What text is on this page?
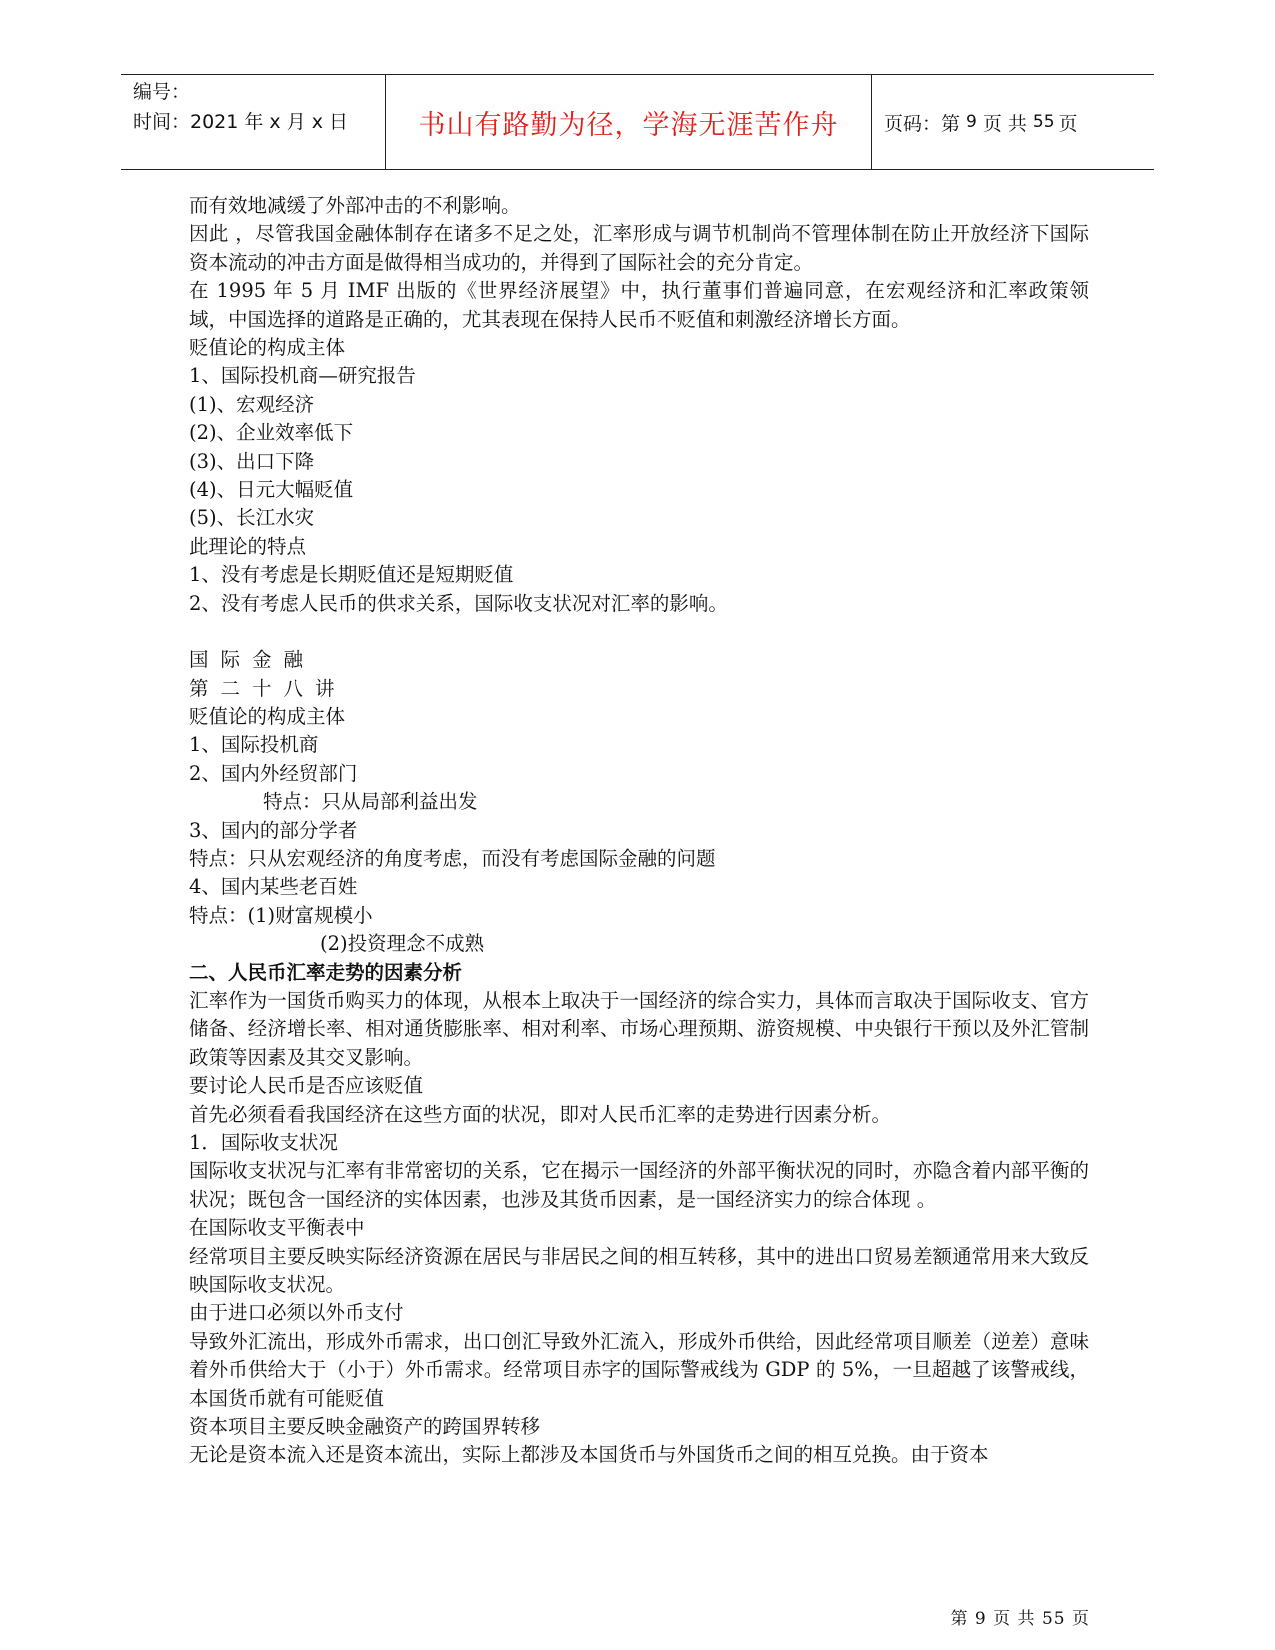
编号：
时间：2021 年 x 月 x 日	书山有路勤为径，学海无涯苦作舟 页码：第 9 页 共 55 页
而有效地减缓了外部冲击的不利影响。
因此 ，尽管我国金融体制存在诸多不足之处，汇率形成与调节机制尚不管理体制在防止开放经济下国际资本流动的冲击方面是做得相当成功的，并得到了国际社会的充分肯定。
在 1995 年 5 月 IMF 出版的《世界经济展望》中，执行董事们普遍同意，在宏观经济和汇率政策领域，中国选择的道路是正确的，尤其表现在保持人民币不贬值和刺激经济增长方面。
贬值论的构成主体
1、国际投机商—研究报告
(1)、宏观经济
(2)、企业效率低下
(3)、出口下降
(4)、日元大幅贬值
(5)、长江水灾
此理论的特点
1、没有考虑是长期贬值还是短期贬值
2、没有考虑人民币的供求关系，国际收支状况对汇率的影响。
国际金融
第二十八讲
贬值论的构成主体
1、国际投机商
2、国内外经贸部门
特点：只从局部利益出发
3、国内的部分学者
特点：只从宏观经济的角度考虑，而没有考虑国际金融的问题
4、国内某些老百姓
特点：(1)财富规模小
(2)投资理念不成熟
二、人民币汇率走势的因素分析
汇率作为一国货币购买力的体现，从根本上取决于一国经济的综合实力，具体而言取决于国际收支、官方储备、经济增长率、相对通货膨胀率、相对利率、市场心理预期、游资规模、中央银行干预以及外汇管制政策等因素及其交叉影响。
要讨论人民币是否应该贬值
首先必须看看我国经济在这些方面的状况，即对人民币汇率的走势进行因素分析。
1．国际收支状况
国际收支状况与汇率有非常密切的关系，它在揭示一国经济的外部平衡状况的同时，亦隐含着内部平衡的状况；既包含一国经济的实体因素，也涉及其货币因素，是一国经济实力的综合体现 。
在国际收支平衡表中
经常项目主要反映实际经济资源在居民与非居民之间的相互转移，其中的进出口贸易差额通常用来大致反映国际收支状况。
由于进口必须以外币支付
导致外汇流出，形成外币需求，出口创汇导致外汇流入，形成外币供给，因此经常项目顺差（逆差）意味着外币供给大于（小于）外币需求。经常项目赤字的国际警戒线为 GDP 的 5%，一旦超越了该警戒线，本国货币就有可能贬值
资本项目主要反映金融资产的跨国界转移
无论是资本流入还是资本流出，实际上都涉及本国货币与外国货币之间的相互兑换。由于资本
第 9 页 共 55 页
